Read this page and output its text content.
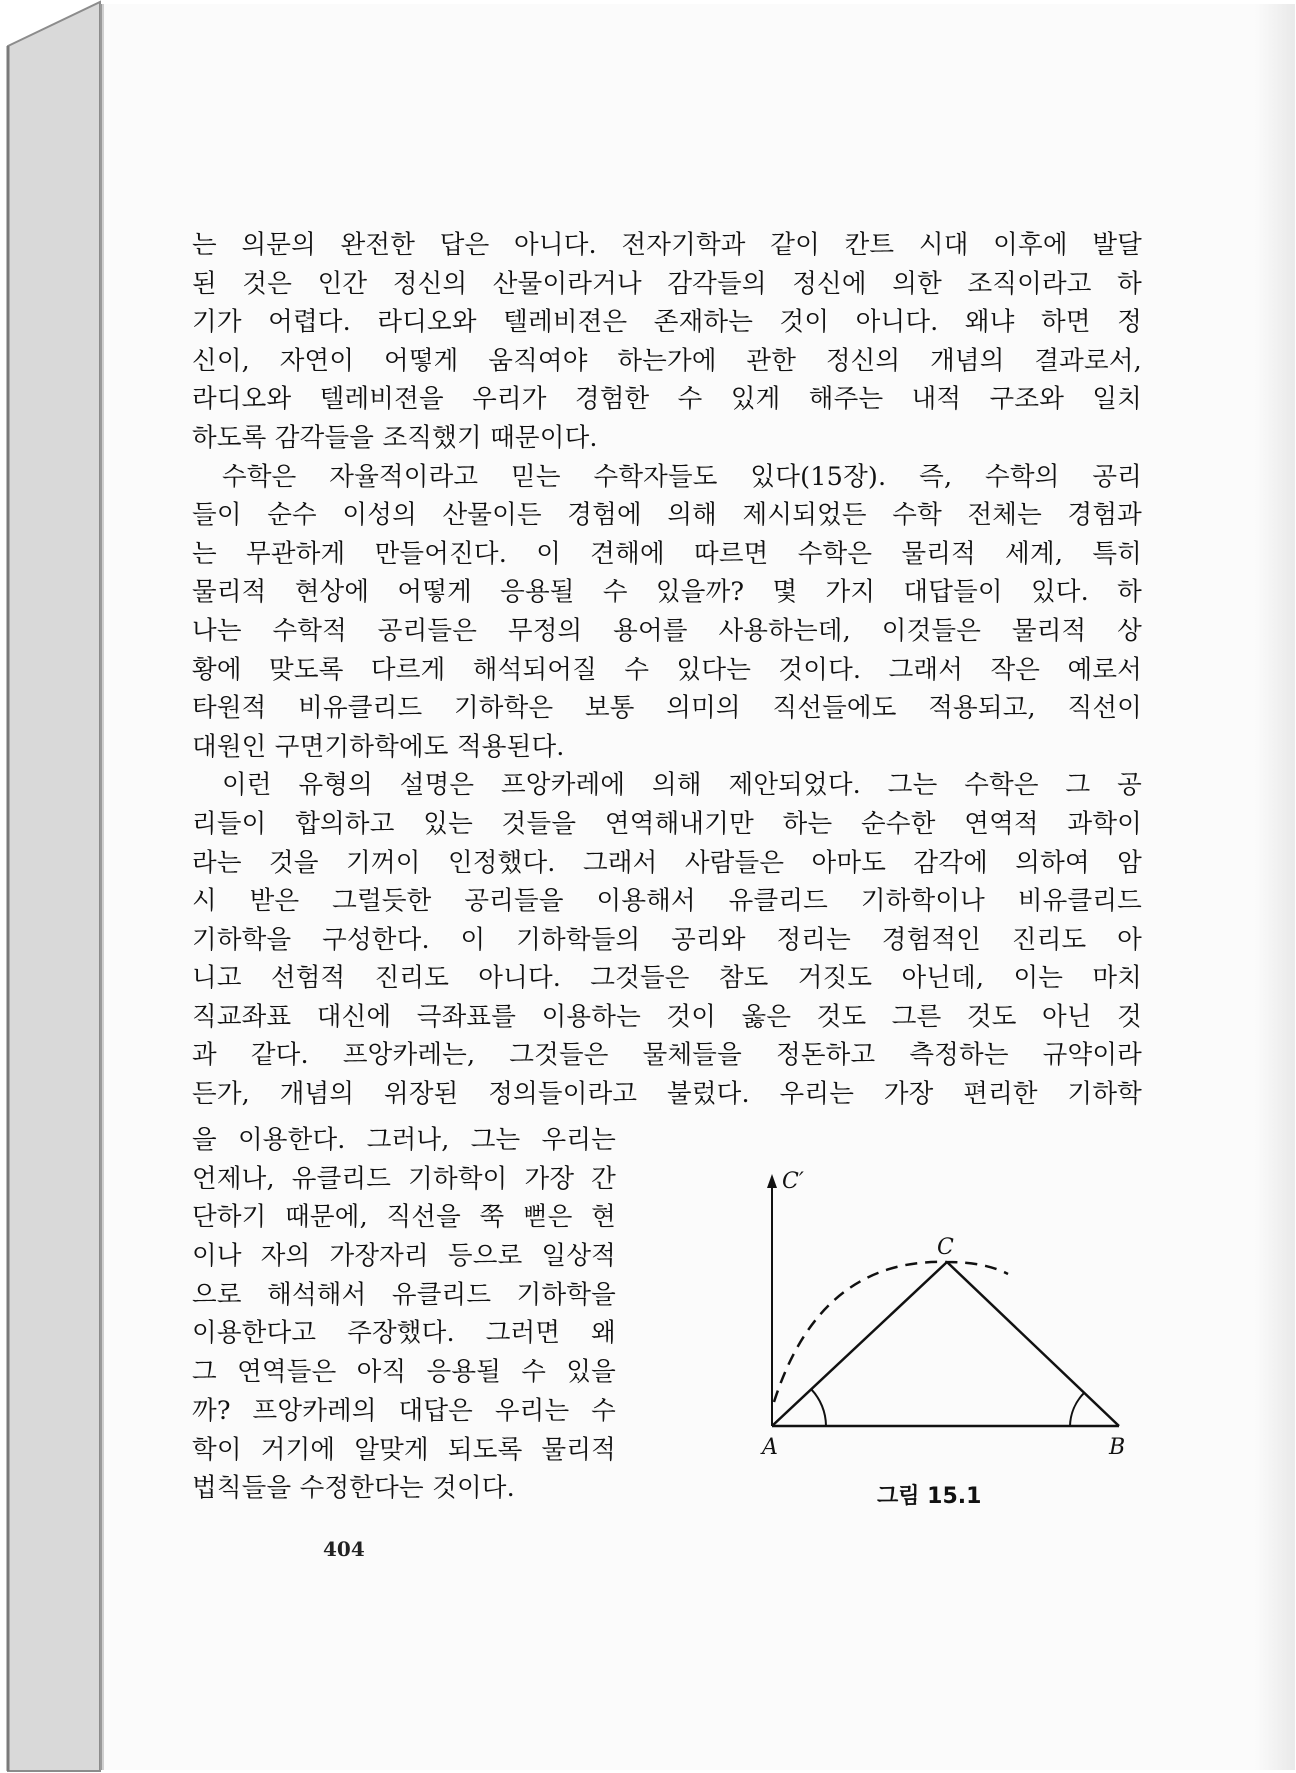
는 의문의 완전한 답은 아니다. 전자기학과 같이 칸트 시대 이후에 발달
된 것은 인간 정신의 산물이라거나 감각들의 정신에 의한 조직이라고 하
기가 어렵다. 라디오와 텔레비젼은 존재하는 것이 아니다. 왜냐 하면 정
신이, 자연이 어떻게 움직여야 하는가에 관한 정신의 개념의 결과로서,
라디오와 텔레비젼을 우리가 경험한 수 있게 해주는 내적 구조와 일치
하도록 감각들을 조직했기 때문이다.
수학은 자율적이라고 믿는 수학자들도 있다(15장). 즉, 수학의 공리
들이 순수 이성의 산물이든 경험에 의해 제시되었든 수학 전체는 경험과
는 무관하게 만들어진다. 이 견해에 따르면 수학은 물리적 세계, 특히
물리적 현상에 어떻게 응용될 수 있을까? 몇 가지 대답들이 있다. 하
나는 수학적 공리들은 무정의 용어를 사용하는데, 이것들은 물리적 상
황에 맞도록 다르게 해석되어질 수 있다는 것이다. 그래서 작은 예로서
타원적 비유클리드 기하학은 보통 의미의 직선들에도 적용되고, 직선이
대원인 구면기하학에도 적용된다.
이런 유형의 설명은 프앙카레에 의해 제안되었다. 그는 수학은 그 공
리들이 합의하고 있는 것들을 연역해내기만 하는 순수한 연역적 과학이
라는 것을 기꺼이 인정했다. 그래서 사람들은 아마도 감각에 의하여 암
시 받은 그럴듯한 공리들을 이용해서 유클리드 기하학이나 비유클리드
기하학을 구성한다. 이 기하학들의 공리와 정리는 경험적인 진리도 아
니고 선험적 진리도 아니다. 그것들은 참도 거짓도 아닌데, 이는 마치
직교좌표 대신에 극좌표를 이용하는 것이 옳은 것도 그른 것도 아닌 것
과 같다. 프앙카레는, 그것들은 물체들을 정돈하고 측정하는 규약이라
든가, 개념의 위장된 정의들이라고 불렀다. 우리는 가장 편리한 기하학
을 이용한다. 그러나, 그는 우리는
언제나, 유클리드 기하학이 가장 간
단하기 때문에, 직선을 쭉 뻗은 현
이나 자의 가장자리 등으로 일상적
으로 해석해서 유클리드 기하학을
이용한다고 주장했다. 그러면 왜
그 연역들은 아직 응용될 수 있을
까? 프앙카레의 대답은 우리는 수
학이 거기에 알맞게 되도록 물리적
법칙들을 수정한다는 것이다.
C′
C
A	B
그림 15.1
404
